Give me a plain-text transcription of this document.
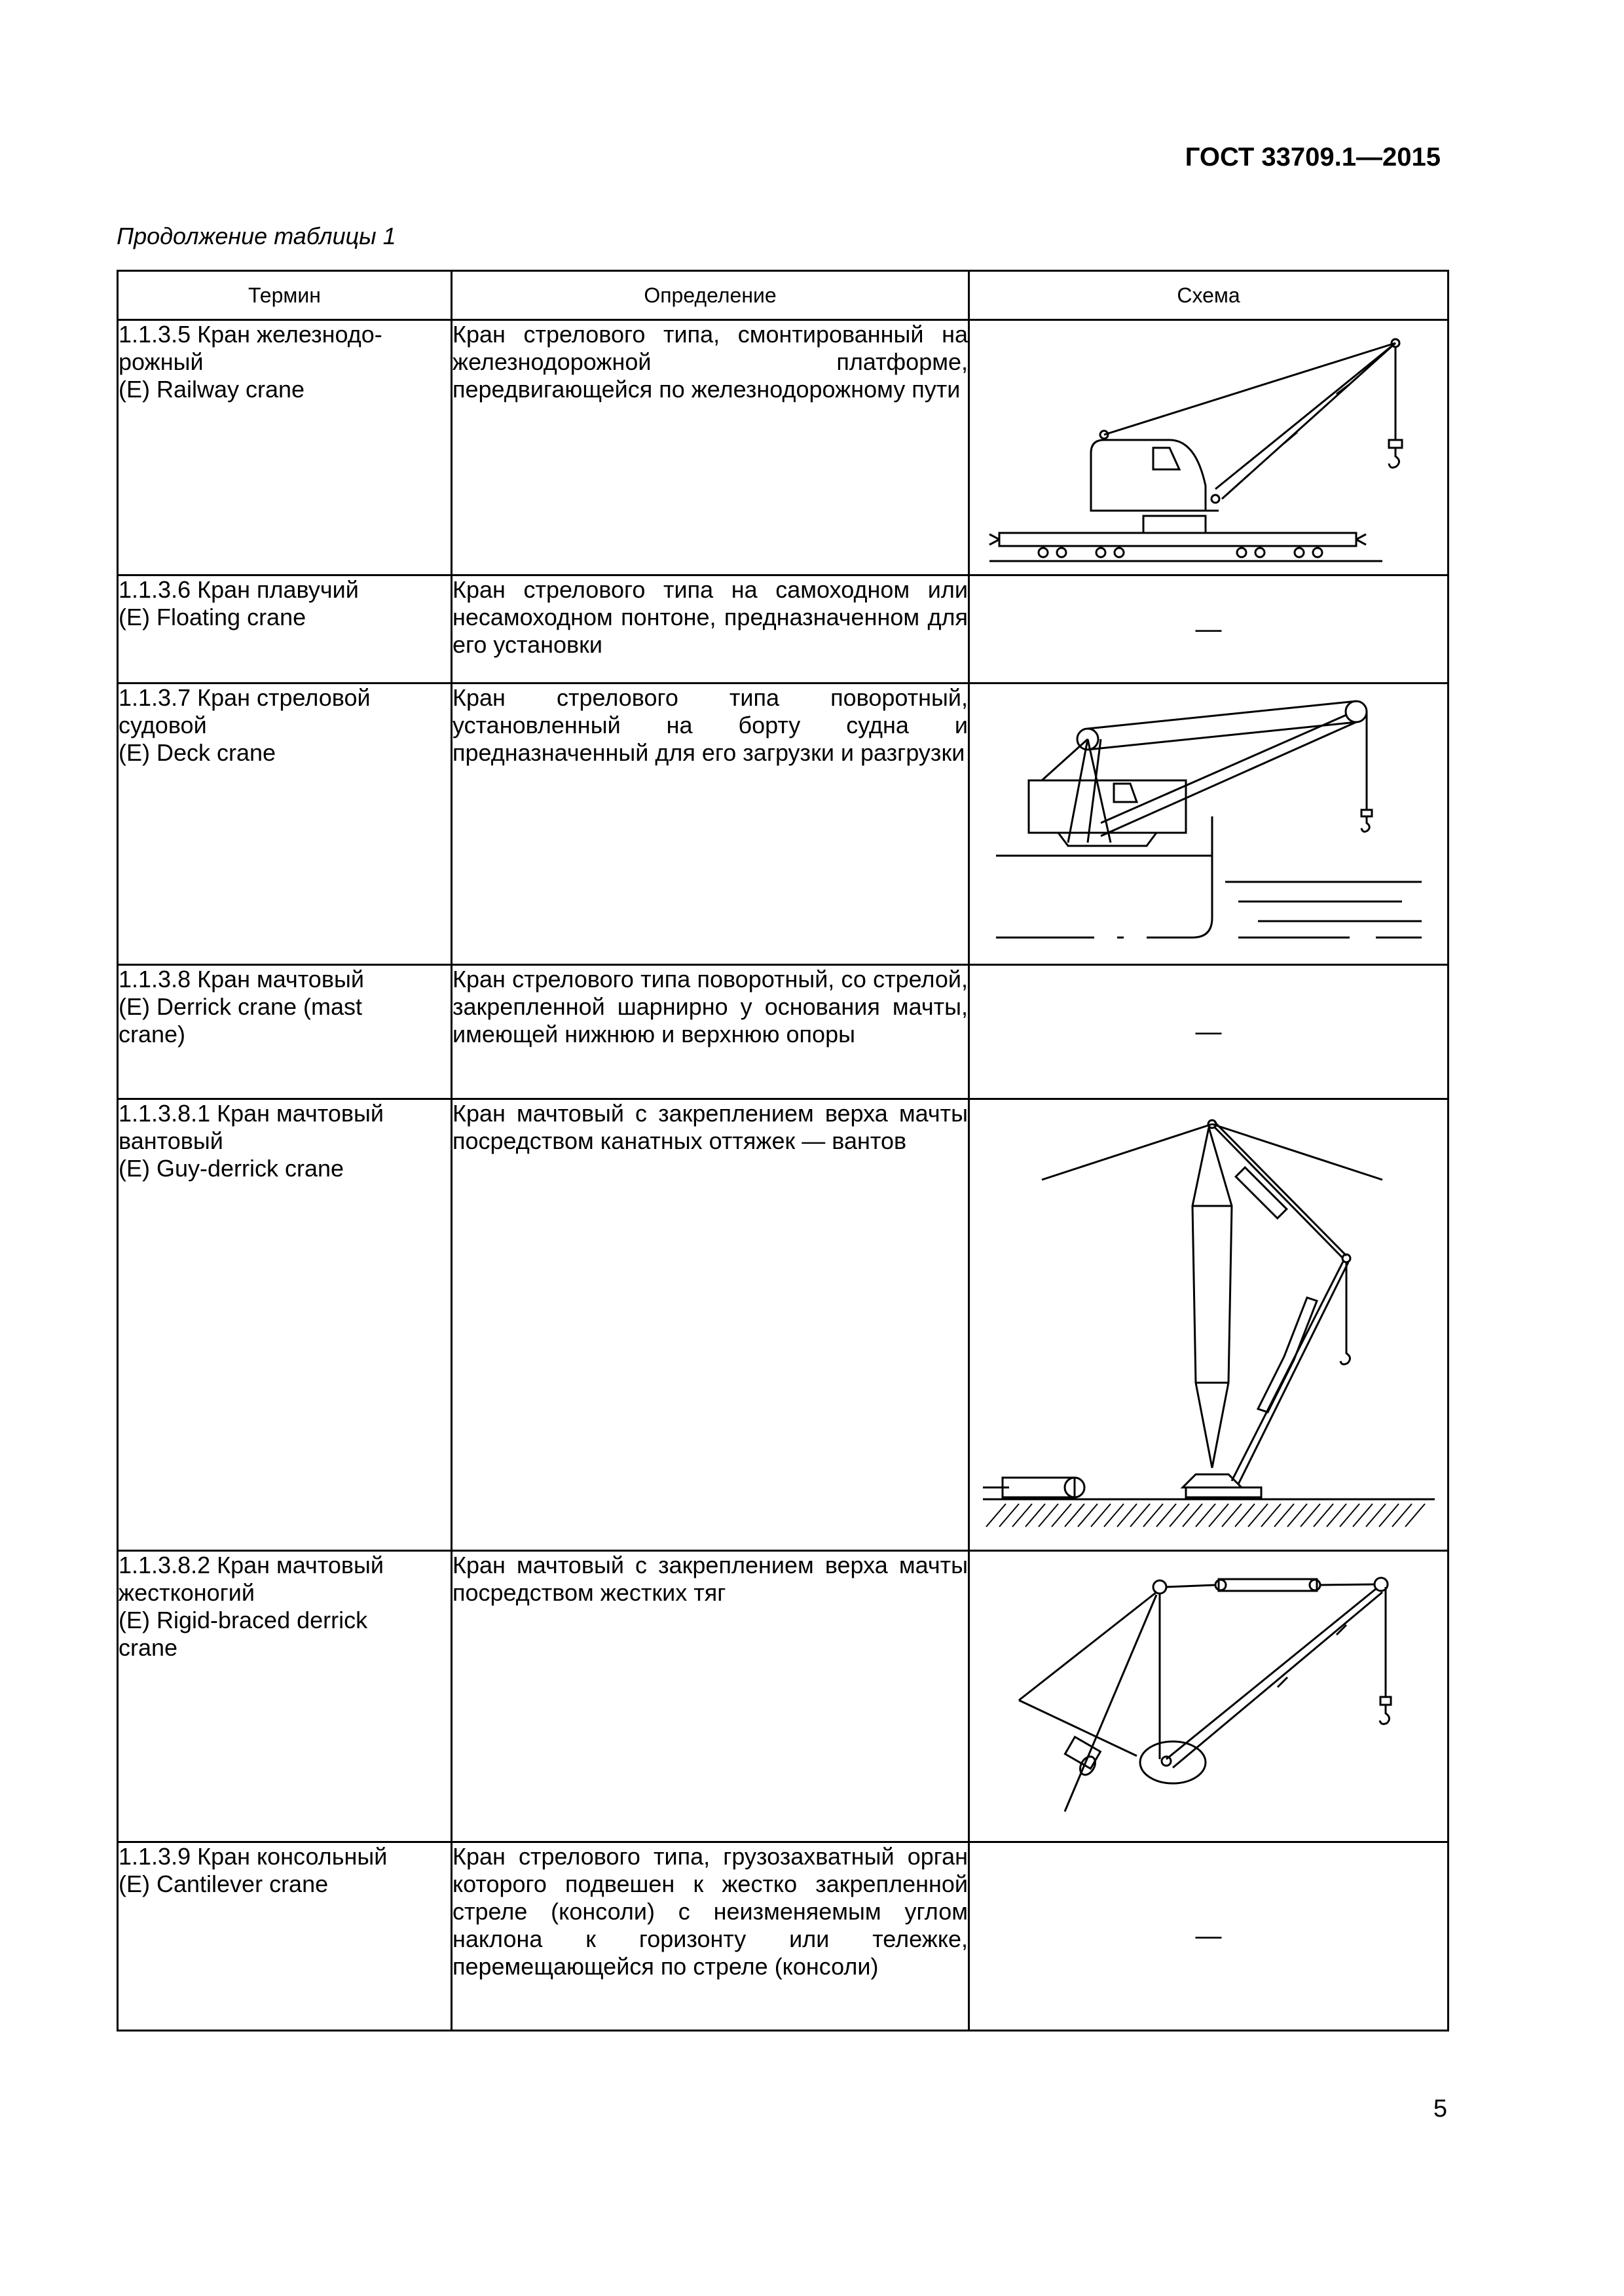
ГОСТ 33709.1—2015
Продолжение таблицы 1
Термин	Определение	Схема

1.1.3.5 Кран железнодо-
рожный
(E) Railway crane	Кран стрелового типа, смонтированный на железнодорожной платформе, передвигающейся по железнодорожному пути	

1.1.3.6 Кран плавучий
(E) Floating crane	Кран стрелового типа на самоходном или несамоходном понтоне, предназначенном для его установки	—

1.1.3.7 Кран стреловой
судовой
(E) Deck crane	Кран стрелового типа поворотный, установленный на борту судна и предназначенный для его загрузки и разгрузки	

1.1.3.8 Кран мачтовый
(E) Derrick crane (mast
crane)	Кран стрелового типа поворотный, со стрелой, закрепленной шарнирно у основания мачты, имеющей нижнюю и верхнюю опоры	—

1.1.3.8.1 Кран мачтовый
вантовый
(E) Guy-derrick crane	Кран мачтовый с закреплением верха мачты посредством канатных оттяжек — вантов	

1.1.3.8.2 Кран мачтовый
жестконогий
(E) Rigid-braced derrick
crane	Кран мачтовый с закреплением верха мачты посредством жестких тяг	

1.1.3.9 Кран консольный
(E) Cantilever crane	Кран стрелового типа, грузозахватный орган которого подвешен к жестко закрепленной стреле (консоли) с неизменяемым углом наклона к горизонту или тележке, перемещающейся по стреле (консоли)	—
5
